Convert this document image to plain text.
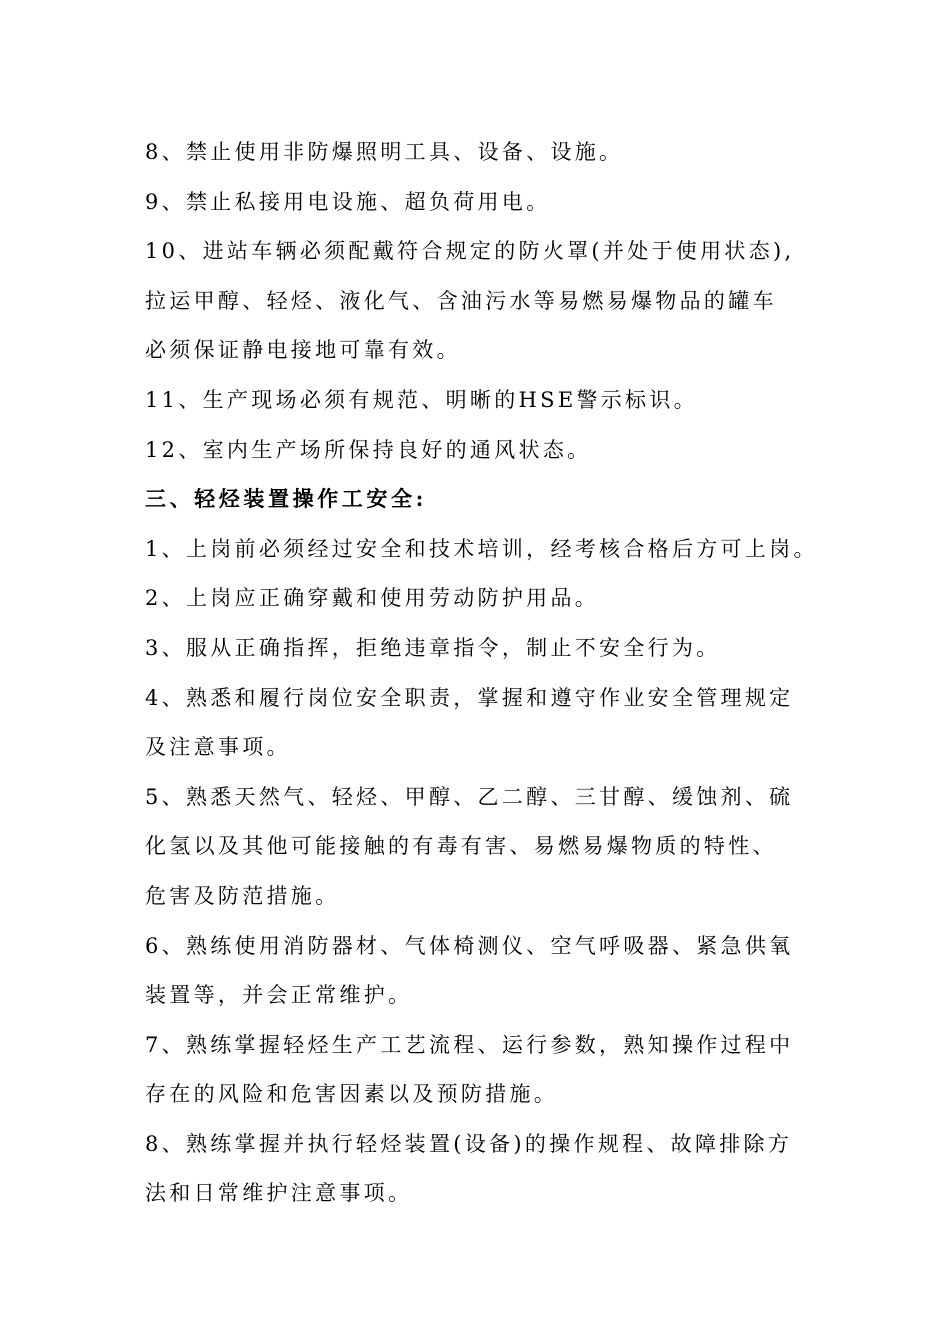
8、禁止使用非防爆照明工具、设备、设施。
9、禁止私接用电设施、超负荷用电。
10、进站车辆必须配戴符合规定的防火罩(并处于使用状态),
拉运甲醇、轻烃、液化气、含油污水等易燃易爆物品的罐车
必须保证静电接地可靠有效。
11、生产现场必须有规范、明晰的HSE警示标识。
12、室内生产场所保持良好的通风状态。
三、轻烃装置操作工安全:
1、上岗前必须经过安全和技术培训，经考核合格后方可上岗。
2、上岗应正确穿戴和使用劳动防护用品。
3、服从正确指挥，拒绝违章指令，制止不安全行为。
4、熟悉和履行岗位安全职责，掌握和遵守作业安全管理规定
及注意事项。
5、熟悉天然气、轻烃、甲醇、乙二醇、三甘醇、缓蚀剂、硫
化氢以及其他可能接触的有毒有害、易燃易爆物质的特性、
危害及防范措施。
6、熟练使用消防器材、气体椅测仪、空气呼吸器、紧急供氧
装置等，并会正常维护。
7、熟练掌握轻烃生产工艺流程、运行参数，熟知操作过程中
存在的风险和危害因素以及预防措施。
8、熟练掌握并执行轻烃装置(设备)的操作规程、故障排除方
法和日常维护注意事项。
